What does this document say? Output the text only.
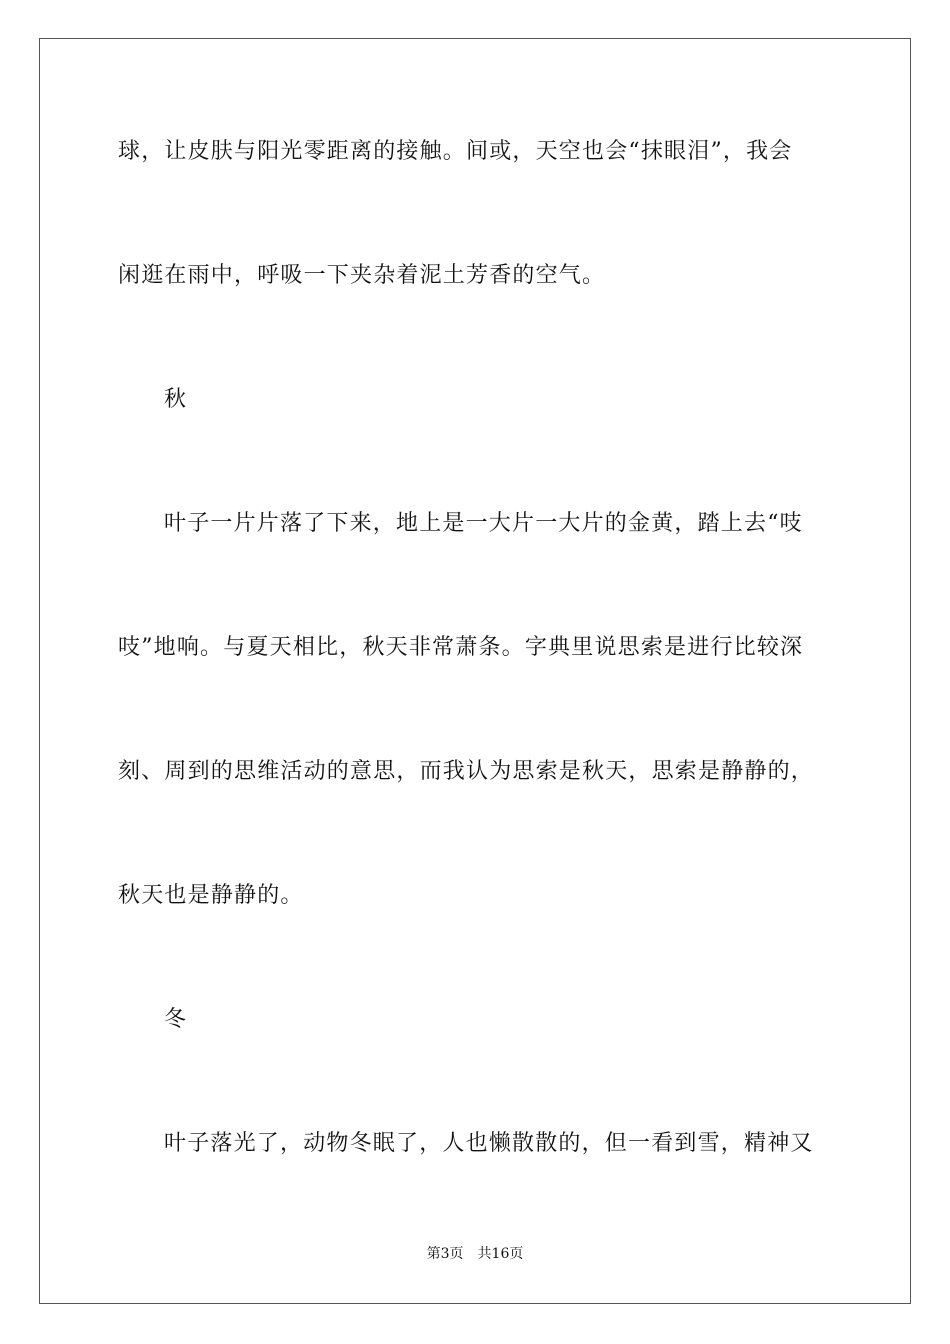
球，让皮肤与阳光零距离的接触。间或，天空也会“抹眼泪”，我会
闲逛在雨中，呼吸一下夹杂着泥土芳香的空气。
秋
叶子一片片落了下来，地上是一大片一大片的金黄，踏上去“吱
吱”地响。与夏天相比，秋天非常萧条。字典里说思索是进行比较深
刻、周到的思维活动的意思，而我认为思索是秋天，思索是静静的，
秋天也是静静的。
冬
叶子落光了，动物冬眠了，人也懒散散的，但一看到雪，精神又
第3页 共16页
